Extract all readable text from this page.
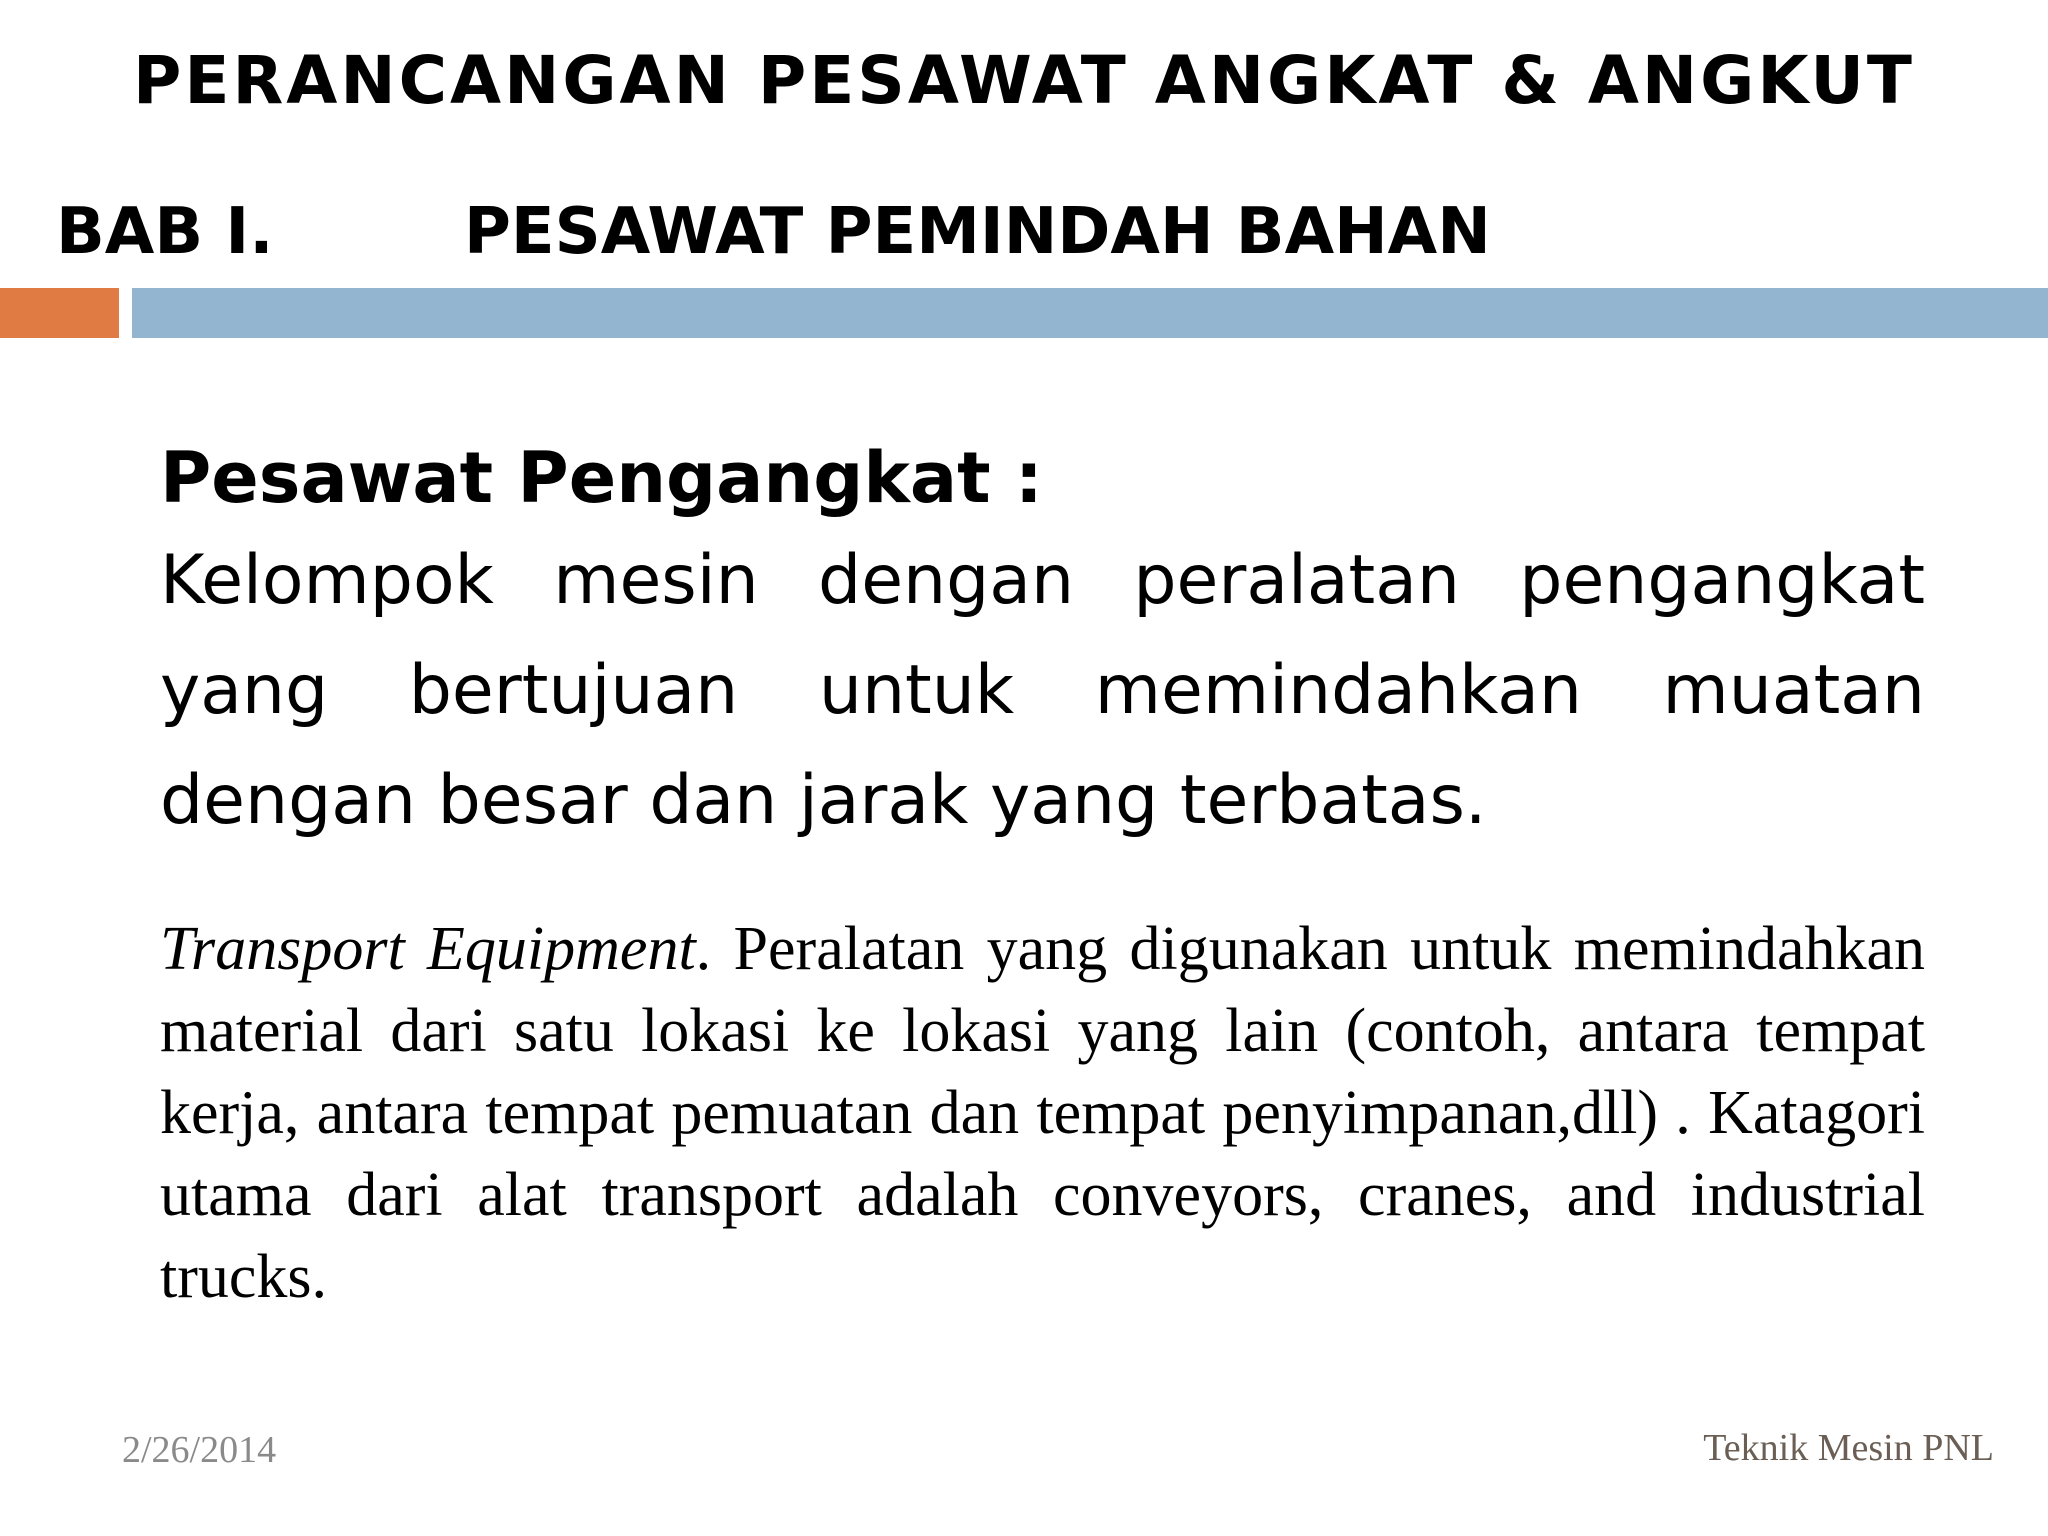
PERANCANGAN PESAWAT ANGKAT & ANGKUT
BAB I.	PESAWAT PEMINDAH BAHAN

Pesawat Pengangkat :

Kelompok mesin dengan peralatan pengangkat yang bertujuan untuk memindahkan muatan dengan besar dan jarak yang terbatas.

Transport Equipment. Peralatan yang digunakan untuk memindahkan material dari satu lokasi ke lokasi yang lain (contoh, antara tempat kerja, antara tempat pemuatan dan tempat penyimpanan,dll) . Katagori utama dari alat transport adalah conveyors, cranes, and industrial trucks.

2/26/2014	Teknik Mesin PNL
